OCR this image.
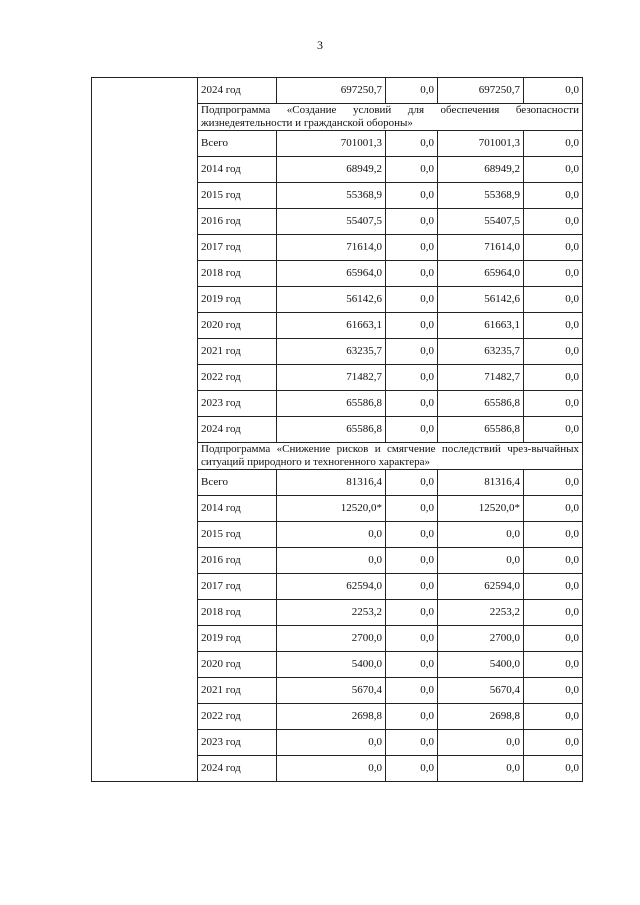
3
	2024 год	697250,7	0,0	697250,7	0,0
	Подпрограмма «Создание условий для обеспечения безопасности жизнедеятельности и гражданской обороны»				
	Всего	701001,3	0,0	701001,3	0,0
	2014 год	68949,2	0,0	68949,2	0,0
	2015 год	55368,9	0,0	55368,9	0,0
	2016 год	55407,5	0,0	55407,5	0,0
	2017 год	71614,0	0,0	71614,0	0,0
	2018 год	65964,0	0,0	65964,0	0,0
	2019 год	56142,6	0,0	56142,6	0,0
	2020 год	61663,1	0,0	61663,1	0,0
	2021 год	63235,7	0,0	63235,7	0,0
	2022 год	71482,7	0,0	71482,7	0,0
	2023 год	65586,8	0,0	65586,8	0,0
	2024 год	65586,8	0,0	65586,8	0,0
	Подпрограмма «Снижение рисков и смягчение последствий чрез-вычайных ситуаций природного и техногенного характера»				
	Всего	81316,4	0,0	81316,4	0,0
	2014 год	12520,0*	0,0	12520,0*	0,0
	2015 год	0,0	0,0	0,0	0,0
	2016 год	0,0	0,0	0,0	0,0
	2017 год	62594,0	0,0	62594,0	0,0
	2018 год	2253,2	0,0	2253,2	0,0
	2019 год	2700,0	0,0	2700,0	0,0
	2020 год	5400,0	0,0	5400,0	0,0
	2021 год	5670,4	0,0	5670,4	0,0
	2022 год	2698,8	0,0	2698,8	0,0
	2023 год	0,0	0,0	0,0	0,0
	2024 год	0,0	0,0	0,0	0,0
